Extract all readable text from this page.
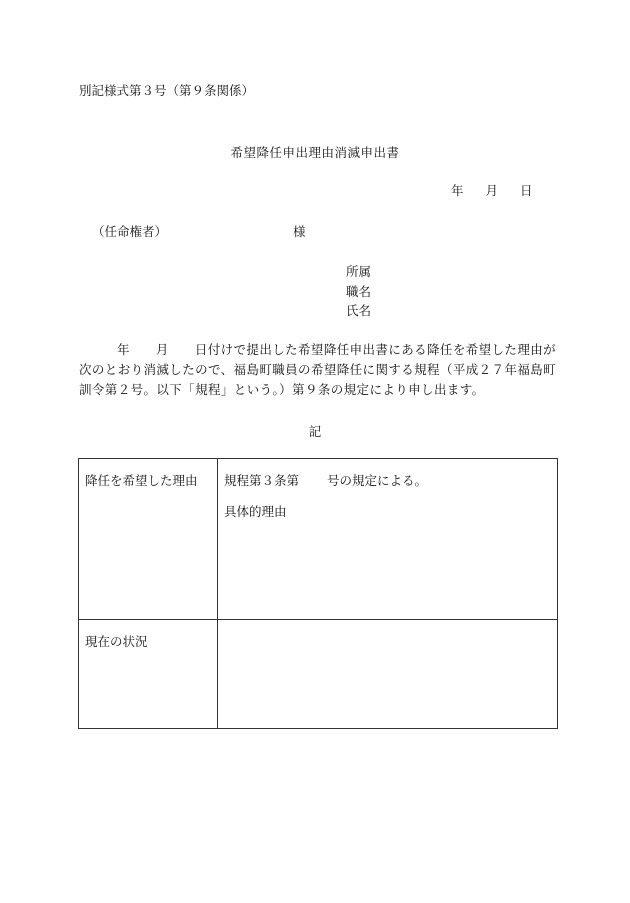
別記様式第３号（第９条関係）
希望降任申出理由消滅申出書
年 月 日
（任命権者）	様
所属
職名
氏名
年 月 日付けで提出した希望降任申出書にある降任を希望した理由が次のとおり消滅したので、福島町職員の希望降任に関する規程（平成２７年福島町訓令第２号。以下「規程」という。）第９条の規定により申し出ます。
記
降任を希望した理由	規程第３条第 号の規定による。
具体的理由

現在の状況	
